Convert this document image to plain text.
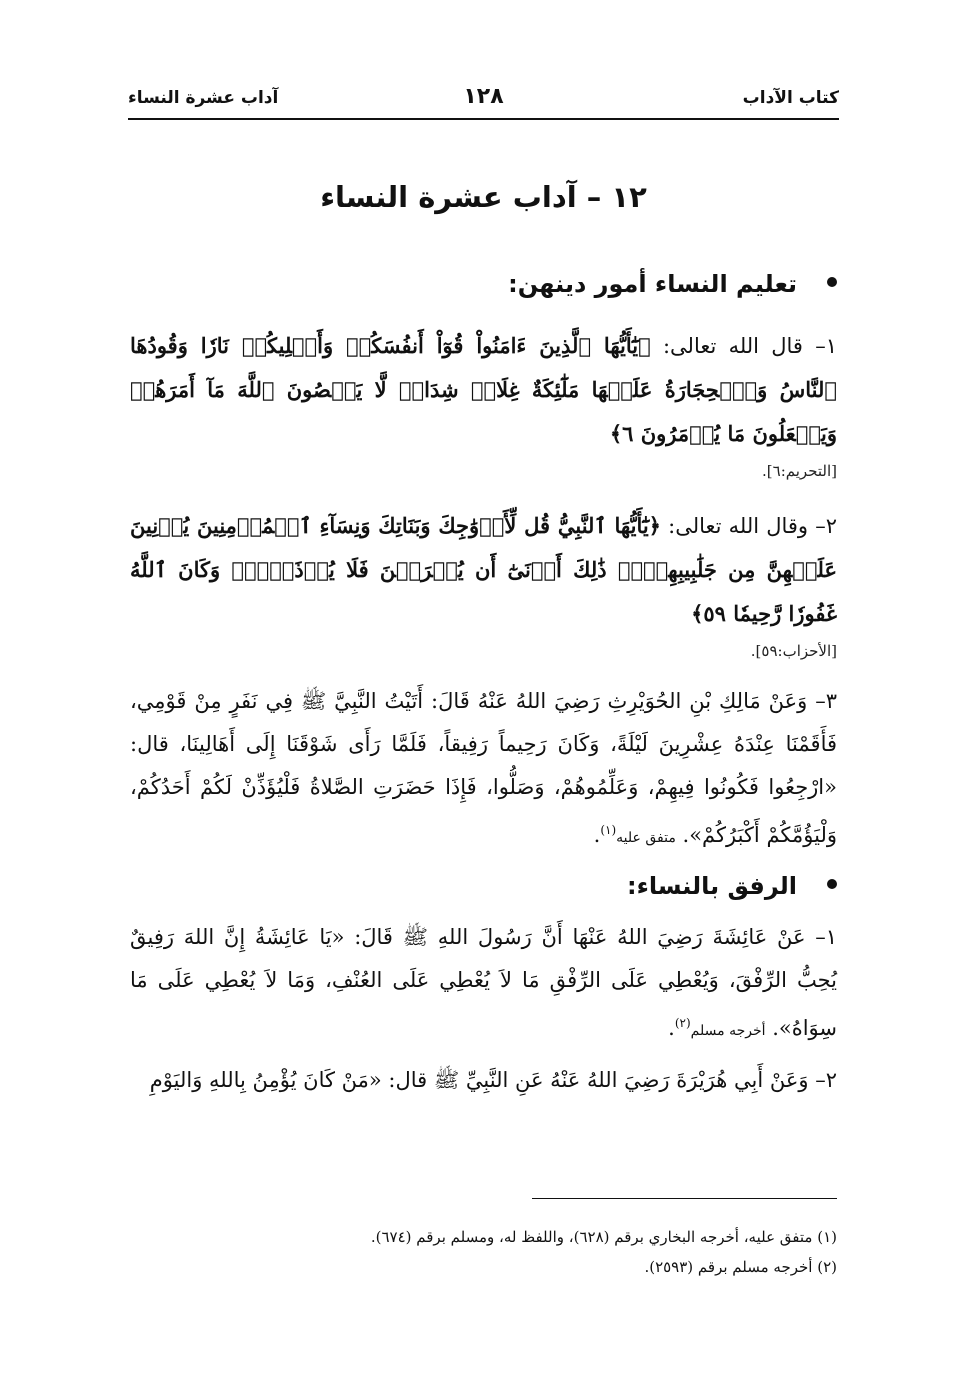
كتاب الآداب
١٢٨
آداب عشرة النساء
١٢ – آداب عشرة النساء
تعليم النساء أمور دينهن:

١– قال الله تعالى: ﴿يَٰٓأَيُّهَا ٱلَّذِينَ ءَامَنُواْ قُوٓاْ أَنفُسَكُمۡ وَأَهۡلِيكُمۡ نَارٗا وَقُودُهَا ٱلنَّاسُ وَٱلۡحِجَارَةُ عَلَيۡهَا مَلَٰٓئِكَةٌ غِلَاظٞ شِدَادٞ لَّا يَعۡصُونَ ٱللَّهَ مَآ أَمَرَهُمۡ وَيَفۡعَلُونَ مَا يُؤۡمَرُونَ ٦﴾

[التحريم:٦].

٢– وقال الله تعالى: ﴿يَٰٓأَيُّهَا ٱلنَّبِيُّ قُل لِّأَزۡوَٰجِكَ وَبَنَاتِكَ وَنِسَآءِ ٱلۡمُؤۡمِنِينَ يُدۡنِينَ عَلَيۡهِنَّ مِن جَلَٰبِيبِهِنَّۚ ذَٰلِكَ أَدۡنَىٰٓ أَن يُعۡرَفۡنَ فَلَا يُؤۡذَيۡنَۗ وَكَانَ ٱللَّهُ غَفُورٗا رَّحِيمٗا ٥٩﴾

[الأحزاب:٥٩].

٣– وَعَنْ مَالِكِ بْنِ الحُوَيْرِثِ رَضِيَ اللهُ عَنْهُ قَالَ: أَتَيْتُ النَّبِيَّ ﷺ فِي نَفَرٍ مِنْ قَوْمِي، فَأَقَمْنَا عِنْدَهُ عِشْرِينَ لَيْلَةً، وَكَانَ رَحِيماً رَفِيقاً، فَلَمَّا رَأَى شَوْقَنَا إِلَى أَهَالِينَا، قال: «ارْجِعُوا فَكُونُوا فِيهِمْ، وَعَلِّمُوهُمْ، وَصَلُّوا، فَإِذَا حَضَرَتِ الصَّلاةُ فَلْيُؤَذِّنْ لَكُمْ أَحَدُكُمْ، وَلْيَؤُمَّكُمْ أَكْبَرُكُمْ». متفق عليه$^{(١)}$.

الرفق بالنساء:

١– عَنْ عَائِشَةَ رَضِيَ اللهُ عَنْهَا أَنَّ رَسُولَ اللهِ ﷺ قَالَ: «يَا عَائِشَةُ إِنَّ اللهَ رَفِيقٌ يُحِبُّ الرِّفْقَ، وَيُعْطِي عَلَى الرِّفْقِ مَا لاَ يُعْطِي عَلَى العُنْفِ، وَمَا لاَ يُعْطِي عَلَى مَا سِوَاهُ». أخرجه مسلم$^{(٢)}$.

٢– وَعَنْ أَبِي هُرَيْرَةَ رَضِيَ اللهُ عَنْهُ عَنِ النَّبِيِّ ﷺ قال: «مَنْ كَانَ يُؤْمِنُ بِاللهِ وَاليَوْمِ

(١) متفق عليه، أخرجه البخاري برقم (٦٢٨)، واللفظ له، ومسلم برقم (٦٧٤).
(٢) أخرجه مسلم برقم (٢٥٩٣).
